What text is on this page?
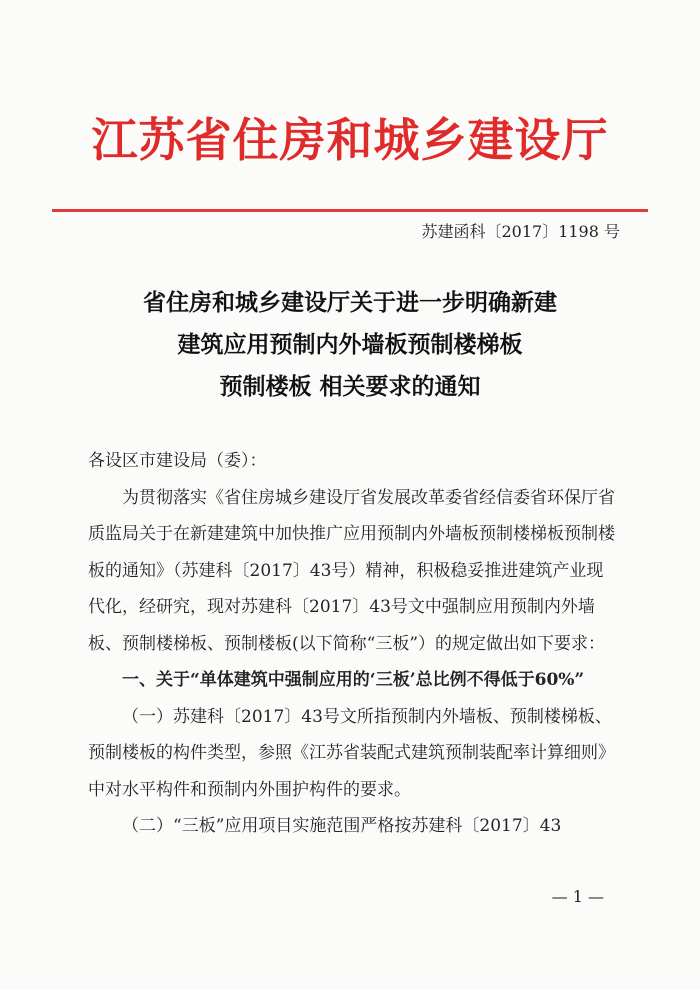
江苏省住房和城乡建设厅
苏建函科〔2017〕1198 号
省住房和城乡建设厅关于进一步明确新建
建筑应用预制内外墙板预制楼梯板
预制楼板 相关要求的通知
各设区市建设局（委）：

为贯彻落实《省住房城乡建设厅省发展改革委省经信委省环保厅省质监局关于在新建建筑中加快推广应用预制内外墙板预制楼梯板预制楼板的通知》（苏建科〔2017〕43号）精神，积极稳妥推进建筑产业现代化，经研究，现对苏建科〔2017〕43号文中强制应用预制内外墙板、预制楼梯板、预制楼板(以下简称“三板”）的规定做出如下要求：

一、关于“单体建筑中强制应用的‘三板’总比例不得低于60%”

（一）苏建科〔2017〕43号文所指预制内外墙板、预制楼梯板、预制楼板的构件类型，参照《江苏省装配式建筑预制装配率计算细则》中对水平构件和预制内外围护构件的要求。

（二）“三板”应用项目实施范围严格按苏建科〔2017〕43

— 1 —
